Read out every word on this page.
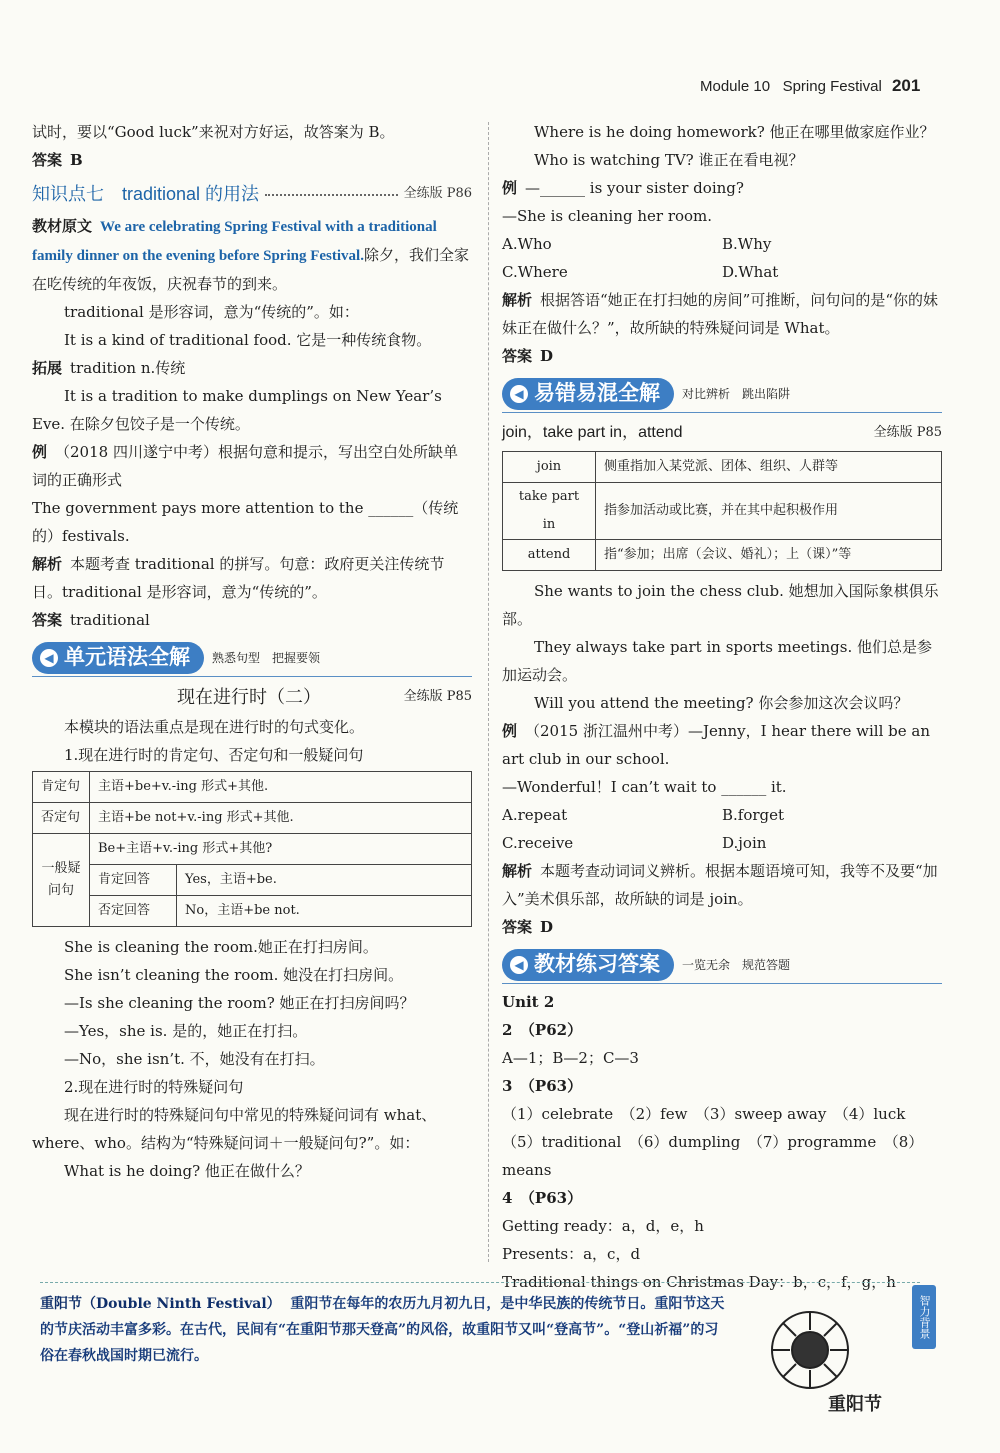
Module 10 Spring Festival 201

试时，要以“Good luck”来祝对方好运，故答案为 B。

答案 B

知识点七　traditional 的用法	全练版 P86

教材原文 We are celebrating Spring Festival with a traditional family dinner on the evening before Spring Festival.除夕，我们全家在吃传统的年夜饭，庆祝春节的到来。

traditional 是形容词，意为“传统的”。如：

It is a kind of traditional food. 它是一种传统食物。

拓展 tradition n.传统

It is a tradition to make dumplings on New Year’s Eve. 在除夕包饺子是一个传统。

例 （2018 四川遂宁中考）根据句意和提示，写出空白处所缺单词的正确形式

The government pays more attention to the ______（传统的）festivals.

解析 本题考查 traditional 的拼写。句意：政府更关注传统节日。traditional 是形容词，意为“传统的”。

答案 traditional

◀ 单元语法全解 熟悉句型　把握要领
现在进行时（二）	全练版 P85

本模块的语法重点是现在进行时的句式变化。

1.现在进行时的肯定句、否定句和一般疑问句

肯定句	主语+be+v.-ing 形式+其他.	
否定句	主语+be not+v.-ing 形式+其他.	
一般疑问句	Be+主语+v.-ing 形式+其他?	
	肯定回答	Yes，主语+be.
	否定回答	No，主语+be not.

She is cleaning the room.她正在打扫房间。

She isn’t cleaning the room. 她没在打扫房间。

—Is she cleaning the room? 她正在打扫房间吗？

—Yes，she is. 是的，她正在打扫。

—No，she isn’t. 不，她没有在打扫。

2.现在进行时的特殊疑问句

现在进行时的特殊疑问句中常见的特殊疑问词有 what、where、who。结构为“特殊疑问词＋一般疑问句?”。如：

What is he doing? 他正在做什么？

Where is he doing homework? 他正在哪里做家庭作业？

Who is watching TV? 谁正在看电视？

例 —______ is your sister doing?

—She is cleaning her room.

A.Who	B.Why
C.Where	D.What

解析 根据答语“她正在打扫她的房间”可推断，问句问的是“你的妹妹正在做什么？”，故所缺的特殊疑问词是 What。

答案 D

◀ 易错易混全解 对比辨析　跳出陷阱
join，take part in，attend	全练版 P85
join	侧重指加入某党派、团体、组织、人群等
take part in	指参加活动或比赛，并在其中起积极作用
attend	指“参加；出席（会议、婚礼）；上（课）”等

She wants to join the chess club. 她想加入国际象棋俱乐部。

They always take part in sports meetings. 他们总是参加运动会。

Will you attend the meeting? 你会参加这次会议吗？

例 （2015 浙江温州中考）—Jenny，I hear there will be an art club in our school.

—Wonderful！I can’t wait to ______ it.

A.repeat	B.forget
C.receive	D.join

解析 本题考查动词词义辨析。根据本题语境可知，我等不及要“加入”美术俱乐部，故所缺的词是 join。

答案 D

◀ 教材练习答案 一览无余　规范答题

Unit 2

2　（P62）

A—1；B—2；C—3

3　（P63）

（1）celebrate　（2）few　（3）sweep away　（4）luck

（5）traditional　（6）dumpling　（7）programme　（8）means

4　（P63）

Getting ready：a，d，e，h

Presents：a，c，d

Traditional things on Christmas Day：b，c，f，g，h

重阳节（Double Ninth Festival） 重阳节在每年的农历九月初九日，是中华民族的传统节日。重阳节这天的节庆活动丰富多彩。在古代，民间有“在重阳节那天登高”的风俗，故重阳节又叫“登高节”。“登山祈福”的习俗在春秋战国时期已流行。

重阳节
智力背景
